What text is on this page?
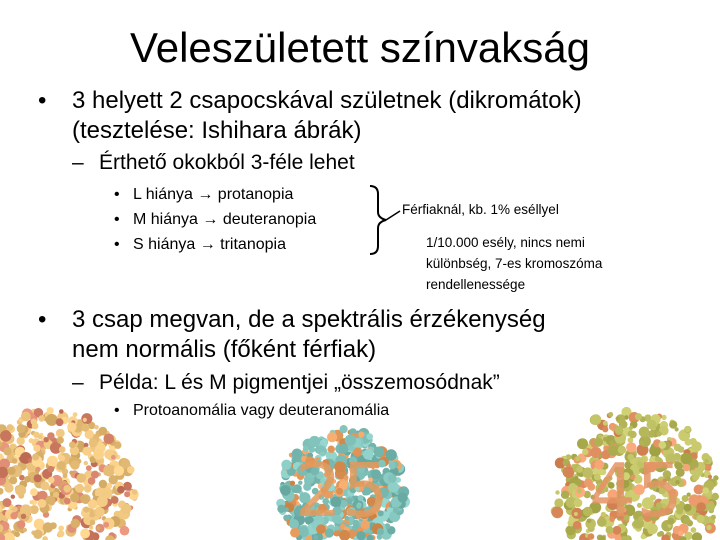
Veleszületett színvakság
• 3 helyett 2 csapocskával születnek (dikromátok)
(tesztelése: Ishihara ábrák)
– Érthető okokból 3-féle lehet
• L hiánya → protanopia
• M hiánya → deuteranopia
• S hiánya → tritanopia
Férfiaknál, kb. 1% eséllyel
1/10.000 esély, nincs nemi
különbség, 7-es kromoszóma
rendellenessége
• 3 csap megvan, de a spektrális érzékenység
nem normális (főként férfiak)
– Példa: L és M pigmentjei „összemosódnak”
• Protoanomália vagy deuteranomália
25	45
